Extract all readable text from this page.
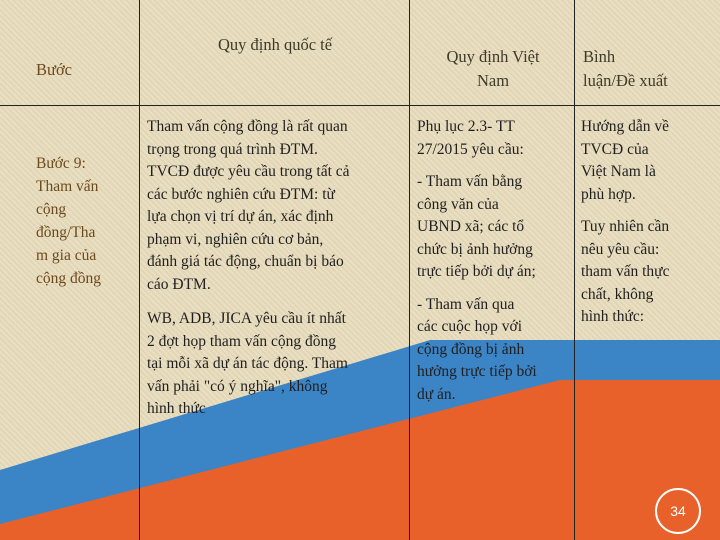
Bước
Quy định quốc tế
Quy định Việt
Nam
Bình
luận/Đề xuất
Bước 9:
Tham vấn
cộng
đồng/Tha
m gia của
cộng đồng
Tham vấn cộng đồng là rất quan
trọng trong quá trình ĐTM.
TVCĐ được yêu cầu trong tất cả
các bước nghiên cứu ĐTM: từ
lựa chọn vị trí dự án, xác định
phạm vi, nghiên cứu cơ bản,
đánh giá tác động, chuẩn bị báo
cáo ĐTM.
WB, ADB, JICA yêu cầu ít nhất
2 đợt họp tham vấn cộng đồng
tại mỗi xã dự án tác động. Tham
vấn phải "có ý nghĩa", không
hình thức
Phụ lục 2.3- TT
27/2015 yêu cầu:
- Tham vấn bằng
công văn của
UBND xã; các tổ
chức bị ảnh hưởng
trực tiếp bởi dự án;
- Tham vấn qua
các cuộc họp với
cộng đồng bị ảnh
hưởng trực tiếp bởi
dự án.
Hướng dẫn về
TVCĐ của
Việt Nam là
phù hợp.
Tuy nhiên cần
nêu yêu cầu:
tham vấn thực
chất, không
hình thức:
34
